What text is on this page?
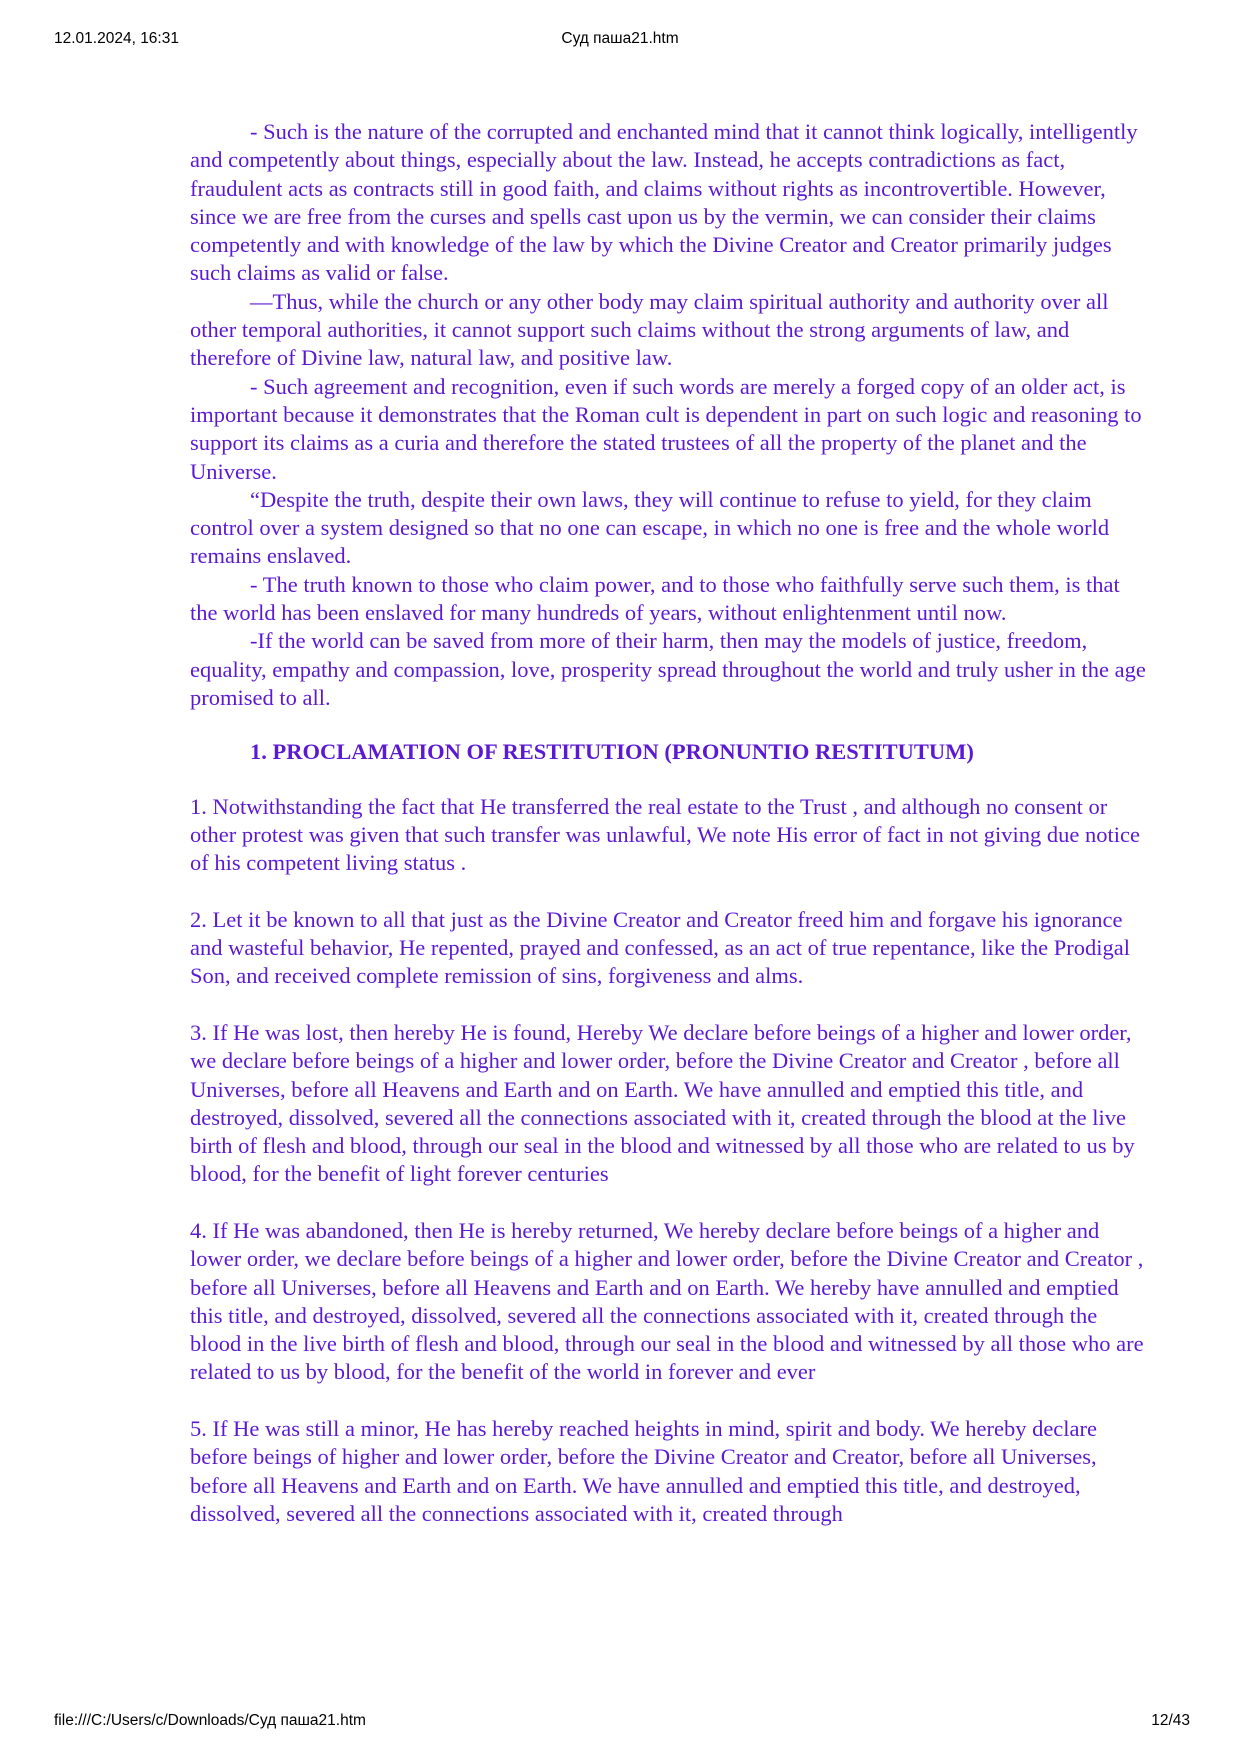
12.01.2024, 16:31	Суд паша21.htm

- Such is the nature of the corrupted and enchanted mind that it cannot think logically, intelligently and competently about things, especially about the law. Instead, he accepts contradictions as fact, fraudulent acts as contracts still in good faith, and claims without rights as incontrovertible. However, since we are free from the curses and spells cast upon us by the vermin, we can consider their claims competently and with knowledge of the law by which the Divine Creator and Creator primarily judges such claims as valid or false.

—Thus, while the church or any other body may claim spiritual authority and authority over all other temporal authorities, it cannot support such claims without the strong arguments of law, and therefore of Divine law, natural law, and positive law.

- Such agreement and recognition, even if such words are merely a forged copy of an older act, is important because it demonstrates that the Roman cult is dependent in part on such logic and reasoning to support its claims as a curia and therefore the stated trustees of all the property of the planet and the Universe.

“Despite the truth, despite their own laws, they will continue to refuse to yield, for they claim control over a system designed so that no one can escape, in which no one is free and the whole world remains enslaved.

- The truth known to those who claim power, and to those who faithfully serve such them, is that the world has been enslaved for many hundreds of years, without enlightenment until now.

-If the world can be saved from more of their harm, then may the models of justice, freedom, equality, empathy and compassion, love, prosperity spread throughout the world and truly usher in the age promised to all.

1. PROCLAMATION OF RESTITUTION (PRONUNTIO RESTITUTUM)

1. Notwithstanding the fact that He transferred the real estate to the Trust , and although no consent or other protest was given that such transfer was unlawful, We note His error of fact in not giving due notice of his competent living status .

2. Let it be known to all that just as the Divine Creator and Creator freed him and forgave his ignorance and wasteful behavior, He repented, prayed and confessed, as an act of true repentance, like the Prodigal Son, and received complete remission of sins, forgiveness and alms.

3. If He was lost, then hereby He is found, Hereby We declare before beings of a higher and lower order, we declare before beings of a higher and lower order, before the Divine Creator and Creator , before all Universes, before all Heavens and Earth and on Earth. We have annulled and emptied this title, and destroyed, dissolved, severed all the connections associated with it, created through the blood at the live birth of flesh and blood, through our seal in the blood and witnessed by all those who are related to us by blood, for the benefit of light forever centuries

4. If He was abandoned, then He is hereby returned, We hereby declare before beings of a higher and lower order, we declare before beings of a higher and lower order, before the Divine Creator and Creator , before all Universes, before all Heavens and Earth and on Earth. We hereby have annulled and emptied this title, and destroyed, dissolved, severed all the connections associated with it, created through the blood in the live birth of flesh and blood, through our seal in the blood and witnessed by all those who are related to us by blood, for the benefit of the world in forever and ever

5. If He was still a minor, He has hereby reached heights in mind, spirit and body. We hereby declare before beings of higher and lower order, before the Divine Creator and Creator, before all Universes, before all Heavens and Earth and on Earth. We have annulled and emptied this title, and destroyed, dissolved, severed all the connections associated with it, created through

file:///C:/Users/c/Downloads/Суд паша21.htm	12/43
